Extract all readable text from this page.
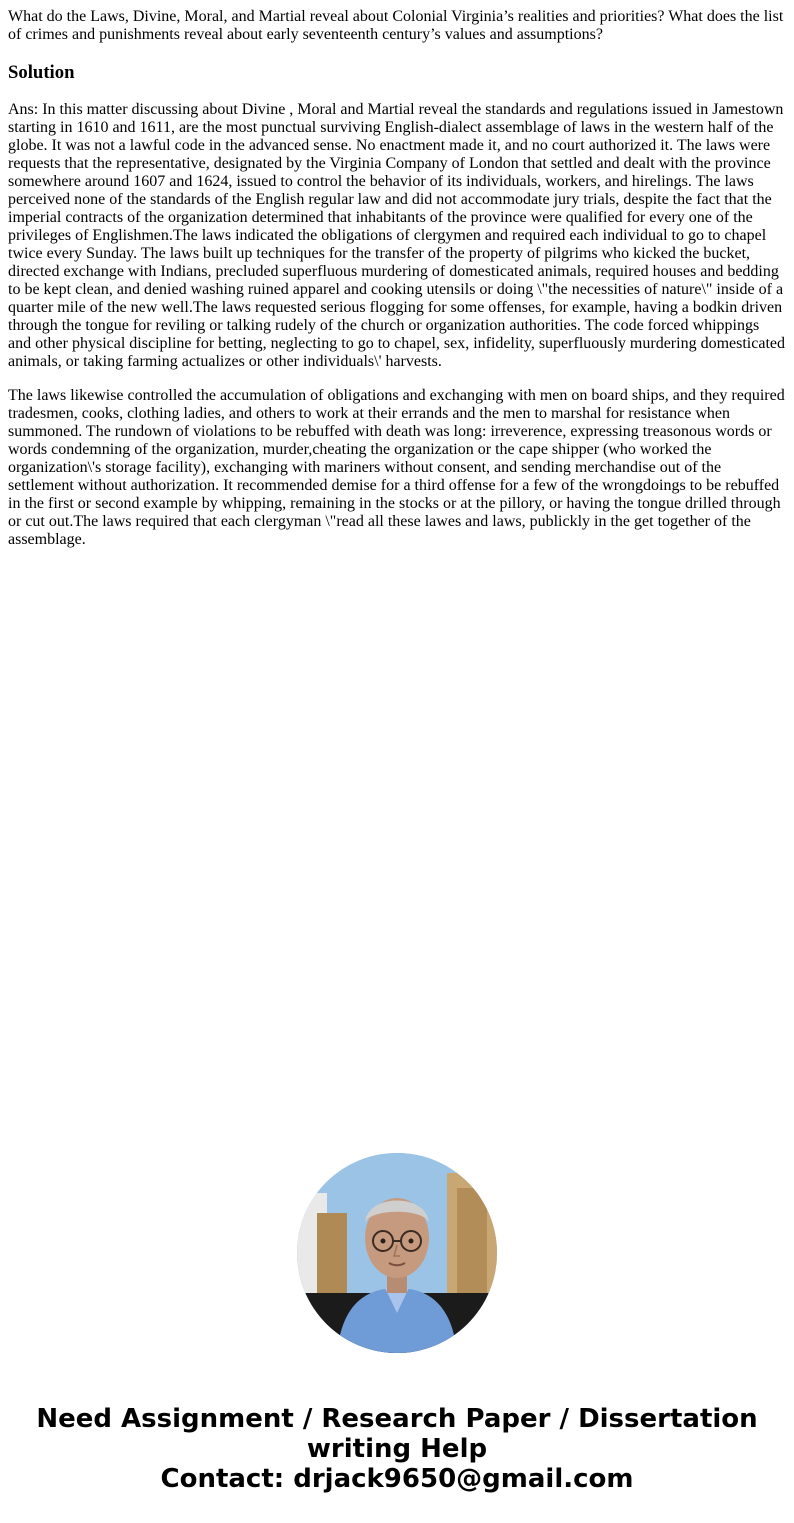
What do the Laws, Divine, Moral, and Martial reveal about Colonial Virginia’s realities and priorities? What does the list of crimes and punishments reveal about early seventeenth century’s values and assumptions?

Solution

Ans: In this matter discussing about Divine , Moral and Martial reveal the standards and regulations issued in Jamestown starting in 1610 and 1611, are the most punctual surviving English-dialect assemblage of laws in the western half of the globe. It was not a lawful code in the advanced sense. No enactment made it, and no court authorized it. The laws were requests that the representative, designated by the Virginia Company of London that settled and dealt with the province somewhere around 1607 and 1624, issued to control the behavior of its individuals, workers, and hirelings. The laws perceived none of the standards of the English regular law and did not accommodate jury trials, despite the fact that the imperial contracts of the organization determined that inhabitants of the province were qualified for every one of the privileges of Englishmen.The laws indicated the obligations of clergymen and required each individual to go to chapel twice every Sunday. The laws built up techniques for the transfer of the property of pilgrims who kicked the bucket, directed exchange with Indians, precluded superfluous murdering of domesticated animals, required houses and bedding to be kept clean, and denied washing ruined apparel and cooking utensils or doing \"the necessities of nature\" inside of a quarter mile of the new well.The laws requested serious flogging for some offenses, for example, having a bodkin driven through the tongue for reviling or talking rudely of the church or organization authorities. The code forced whippings and other physical discipline for betting, neglecting to go to chapel, sex, infidelity, superfluously murdering domesticated animals, or taking farming actualizes or other individuals\' harvests.

The laws likewise controlled the accumulation of obligations and exchanging with men on board ships, and they required tradesmen, cooks, clothing ladies, and others to work at their errands and the men to marshal for resistance when summoned. The rundown of violations to be rebuffed with death was long: irreverence, expressing treasonous words or words condemning of the organization, murder,cheating the organization or the cape shipper (who worked the organization\'s storage facility), exchanging with mariners without consent, and sending merchandise out of the settlement without authorization. It recommended demise for a third offense for a few of the wrongdoings to be rebuffed in the first or second example by whipping, remaining in the stocks or at the pillory, or having the tongue drilled through or cut out.The laws required that each clergyman \"read all these lawes and laws, publickly in the get together of the assemblage.

Need Assignment / Research Paper / Dissertation
writing Help
Contact: drjack9650@gmail.com
